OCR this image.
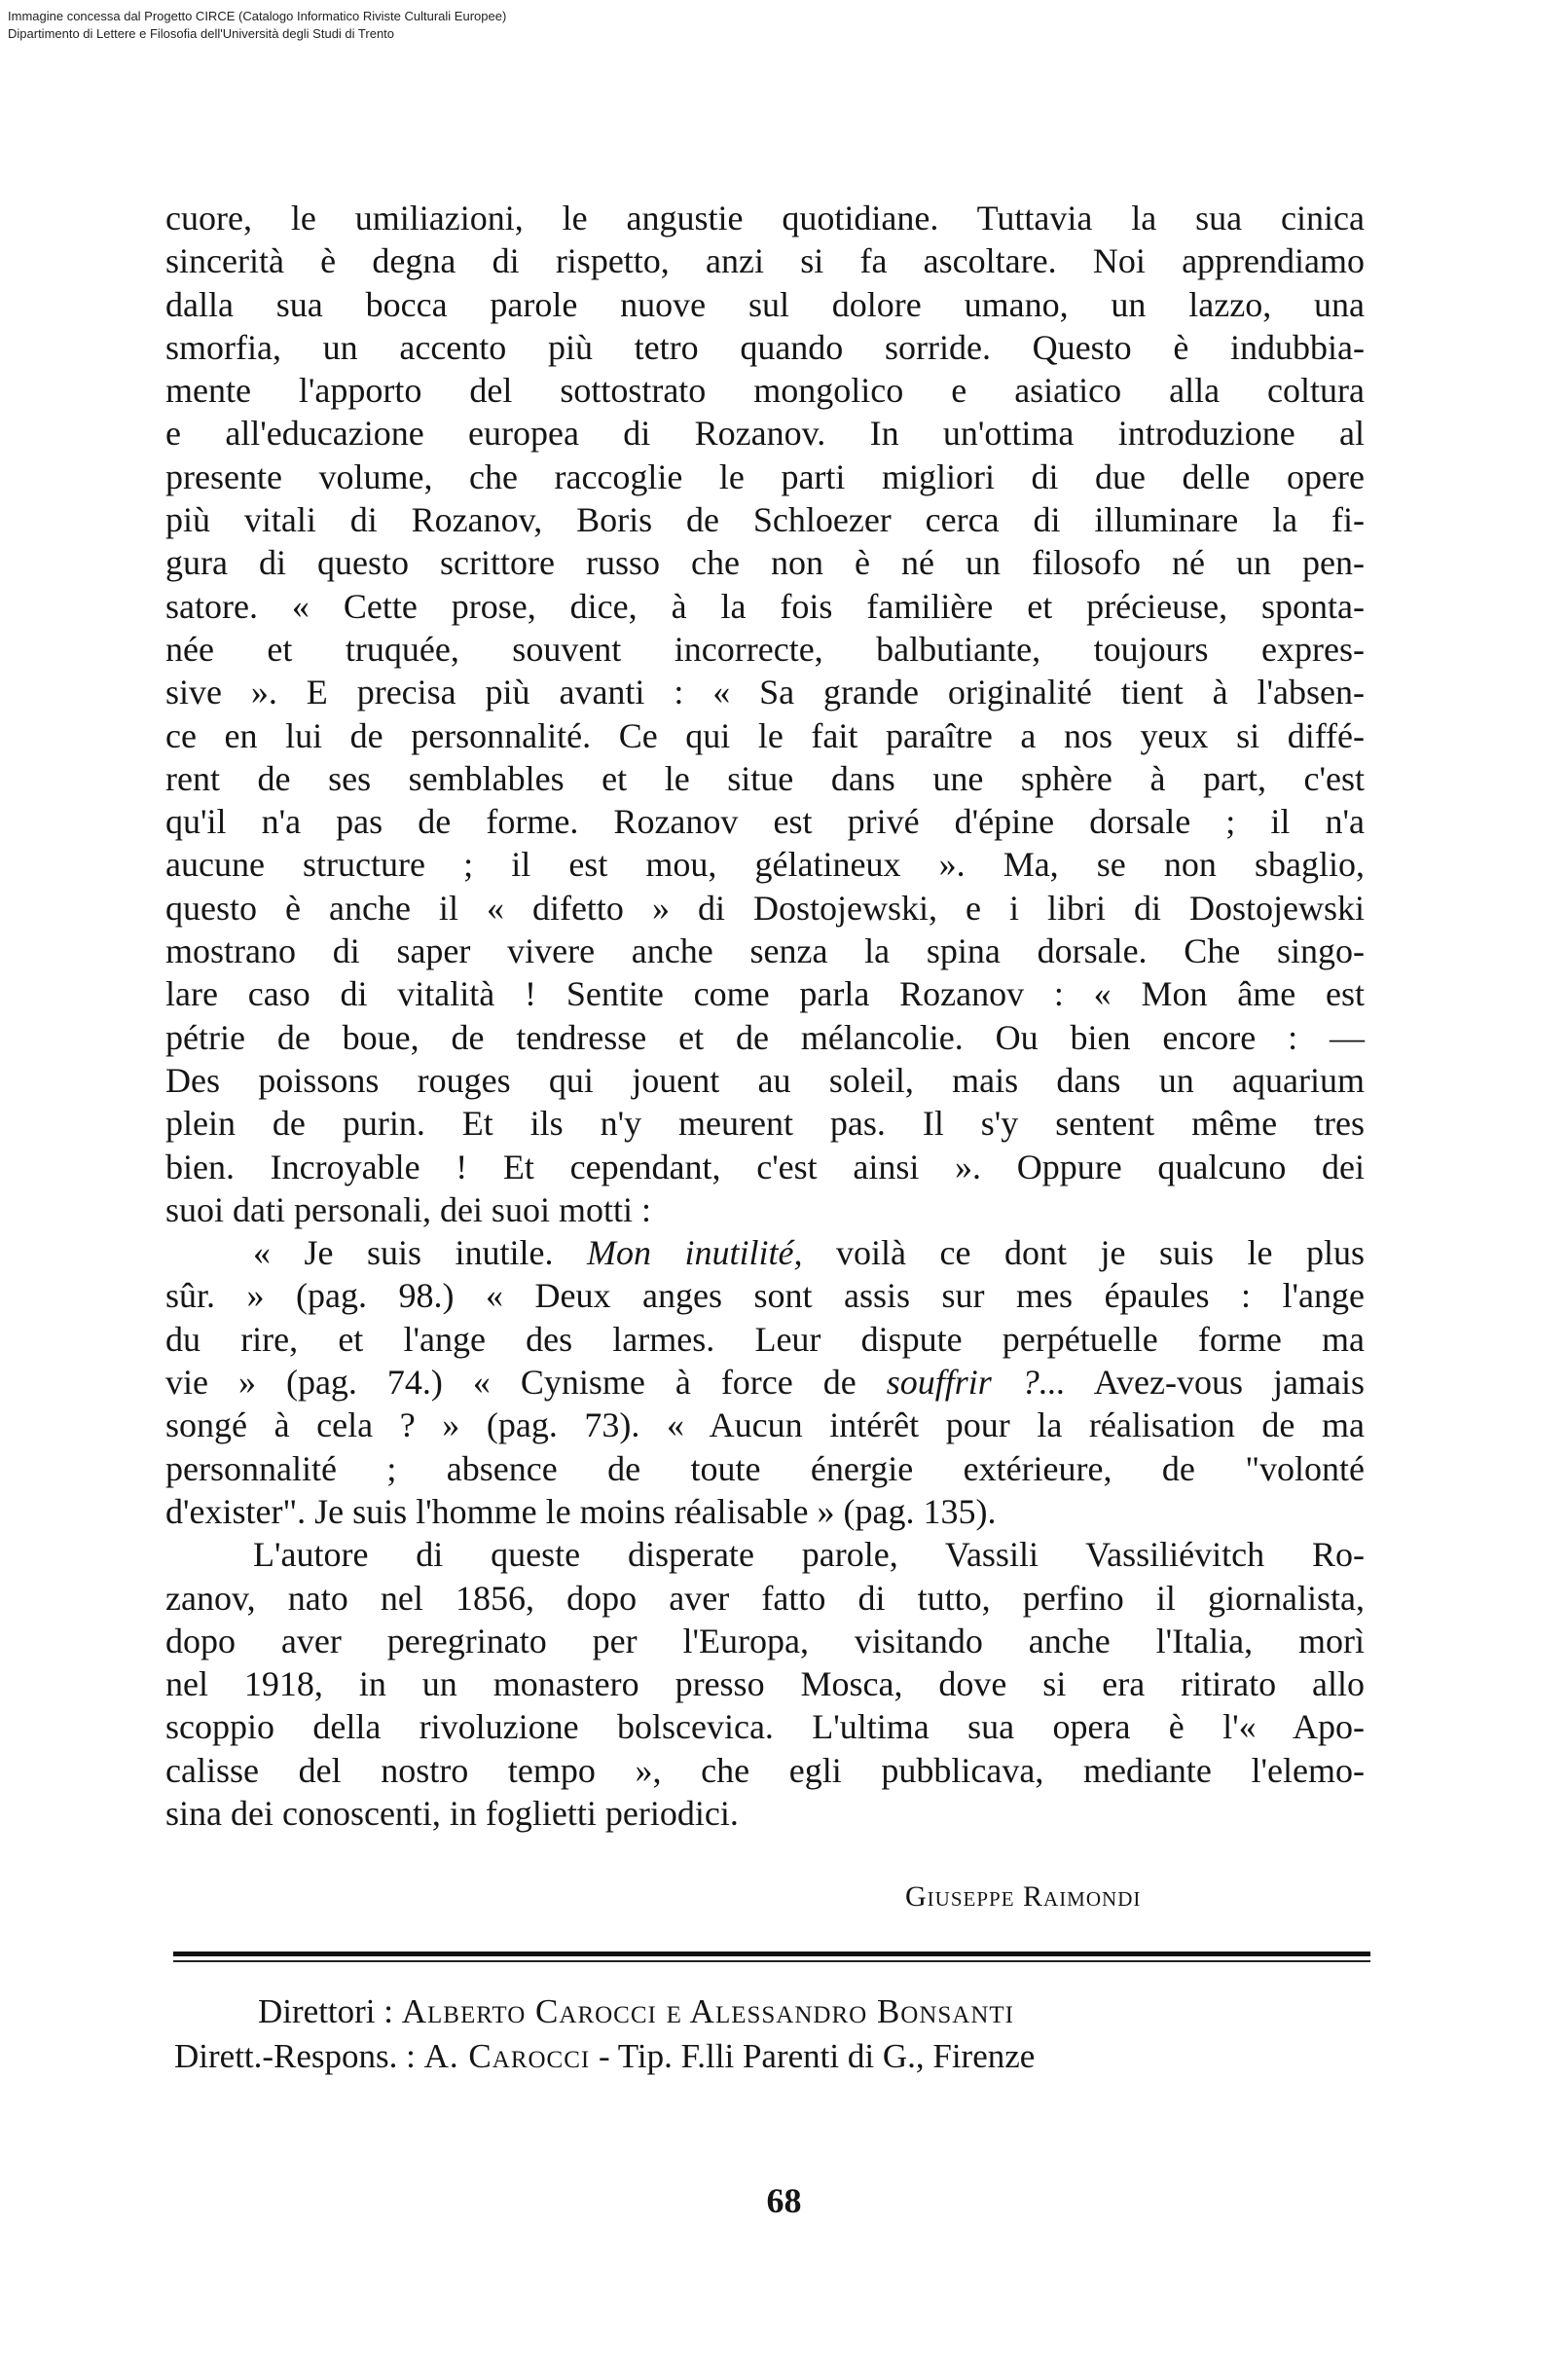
Immagine concessa dal Progetto CIRCE (Catalogo Informatico Riviste Culturali Europee)
Dipartimento di Lettere e Filosofia dell'Università degli Studi di Trento
cuore, le umiliazioni, le angustie quotidiane. Tuttavia la sua cinica
sincerità è degna di rispetto, anzi si fa ascoltare. Noi apprendiamo
dalla sua bocca parole nuove sul dolore umano, un lazzo, una
smorfia, un accento più tetro quando sorride. Questo è indubbia-
mente l'apporto del sottostrato mongolico e asiatico alla coltura
e all'educazione europea di Rozanov. In un'ottima introduzione al
presente volume, che raccoglie le parti migliori di due delle opere
più vitali di Rozanov, Boris de Schloezer cerca di illuminare la fi-
gura di questo scrittore russo che non è né un filosofo né un pen-
satore. « Cette prose, dice, à la fois familière et précieuse, sponta-
née et truquée, souvent incorrecte, balbutiante, toujours expres-
sive ». E precisa più avanti : « Sa grande originalité tient à l'absen-
ce en lui de personnalité. Ce qui le fait paraître a nos yeux si diffé-
rent de ses semblables et le situe dans une sphère à part, c'est
qu'il n'a pas de forme. Rozanov est privé d'épine dorsale ; il n'a
aucune structure ; il est mou, gélatineux ». Ma, se non sbaglio,
questo è anche il « difetto » di Dostojewski, e i libri di Dostojewski
mostrano di saper vivere anche senza la spina dorsale. Che singo-
lare caso di vitalità ! Sentite come parla Rozanov : « Mon âme est
pétrie de boue, de tendresse et de mélancolie. Ou bien encore : —
Des poissons rouges qui jouent au soleil, mais dans un aquarium
plein de purin. Et ils n'y meurent pas. Il s'y sentent même tres
bien. Incroyable ! Et cependant, c'est ainsi ». Oppure qualcuno dei
suoi dati personali, dei suoi motti :
« Je suis inutile. Mon inutilité, voilà ce dont je suis le plus
sûr. » (pag. 98.) « Deux anges sont assis sur mes épaules : l'ange
du rire, et l'ange des larmes. Leur dispute perpétuelle forme ma
vie » (pag. 74.) « Cynisme à force de souffrir ?... Avez-vous jamais
songé à cela ? » (pag. 73). « Aucun intérêt pour la réalisation de ma
personnalité ; absence de toute énergie extérieure, de "volonté
d'exister". Je suis l'homme le moins réalisable » (pag. 135).
L'autore di queste disperate parole, Vassili Vassiliévitch Ro-
zanov, nato nel 1856, dopo aver fatto di tutto, perfino il giornalista,
dopo aver peregrinato per l'Europa, visitando anche l'Italia, morì
nel 1918, in un monastero presso Mosca, dove si era ritirato allo
scoppio della rivoluzione bolscevica. L'ultima sua opera è l'« Apo-
calisse del nostro tempo », che egli pubblicava, mediante l'elemo-
sina dei conoscenti, in foglietti periodici.
Giuseppe Raimondi
Direttori : Alberto Carocci e Alessandro Bonsanti
Dirett.-Respons. : A. Carocci - Tip. F.lli Parenti di G., Firenze
68
